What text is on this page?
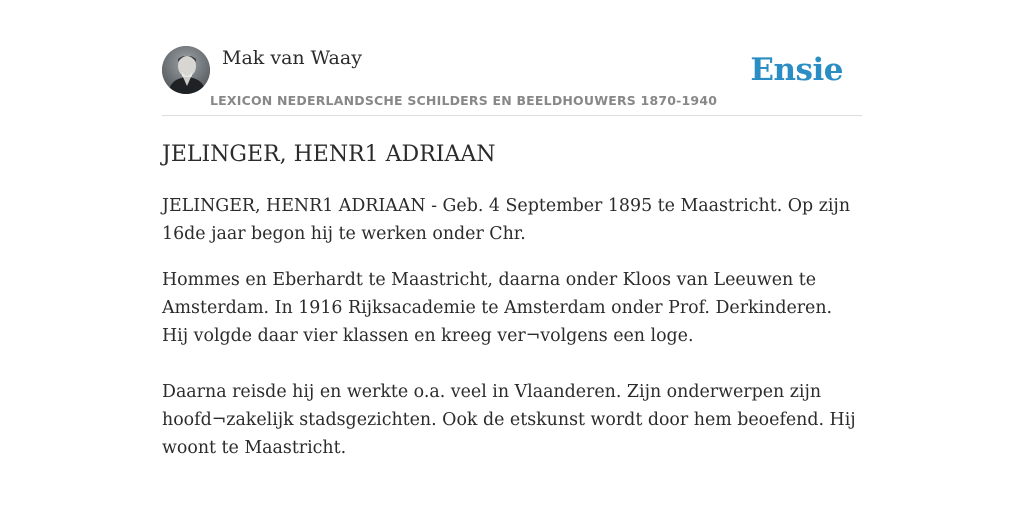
Mak van Waay
LEXICON NEDERLANDSCHE SCHILDERS EN BEELDHOUWERS 1870-1940
Ensie
JELINGER, HENR1 ADRIAAN

JELINGER, HENR1 ADRIAAN - Geb. 4 September 1895 te Maastricht. Op zijn 16de jaar begon hij te werken onder Chr.

Hommes en Eberhardt te Maastricht, daarna onder Kloos van Leeuwen te Amsterdam. In 1916 Rijksacademie te Amsterdam onder Prof. Derkinderen. Hij volgde daar vier klassen en kreeg ver¬volgens een loge.

Daarna reisde hij en werkte o.a. veel in Vlaanderen. Zijn onderwerpen zijn hoofd¬zakelijk stadsgezichten. Ook de etskunst wordt door hem beoefend. Hij woont te Maastricht.
